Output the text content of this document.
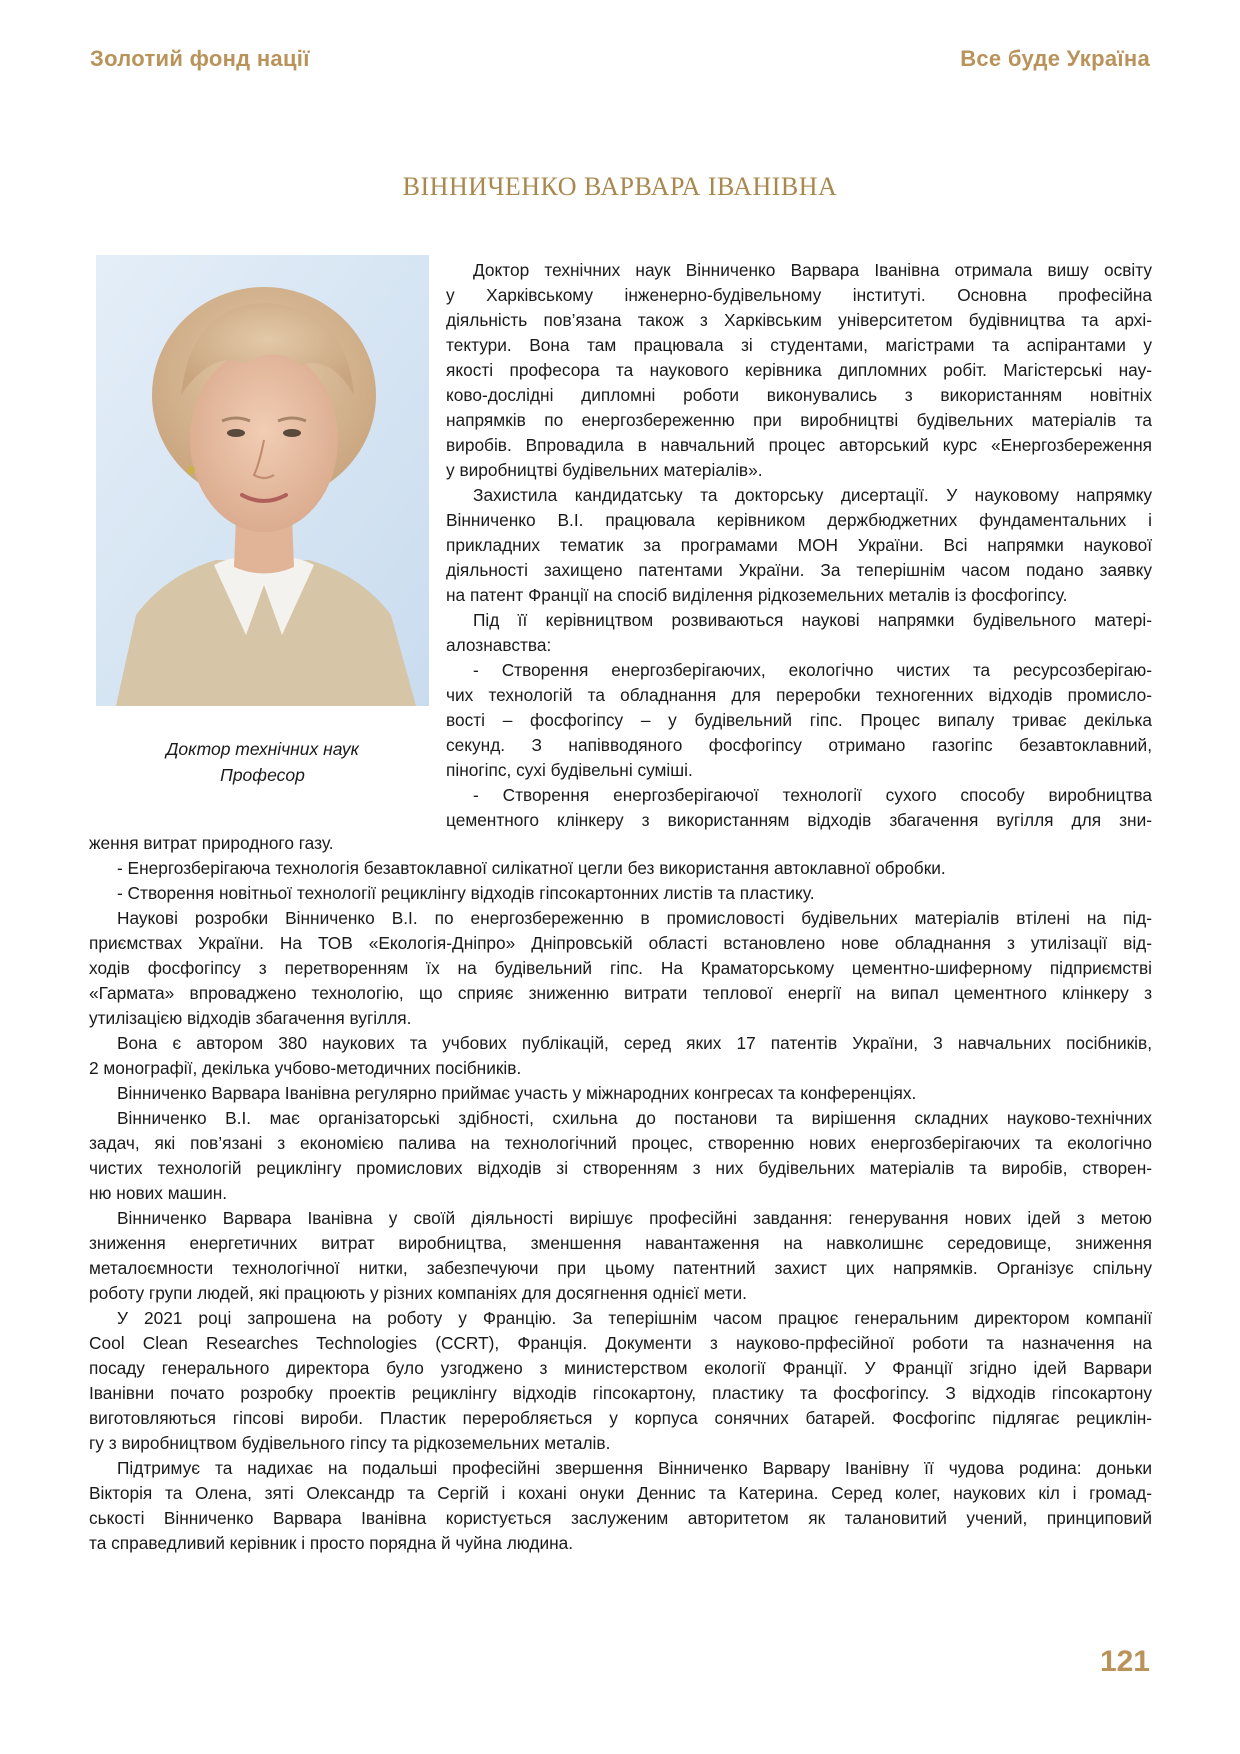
Золотий фонд нації	Все буде Україна
ВІННИЧЕНКО ВАРВАРА ІВАНІВНА
Доктор технічних наук
Професор
Доктор технічних наук Вінниченко Варвара Іванівна отримала вишу освіту
у Харківському інженерно-будівельному інституті. Основна професійна
діяльність пов’язана також з Харківським університетом будівництва та архі-
тектури. Вона там працювала зі студентами, магістрами та аспірантами у
якості професора та наукового керівника дипломних робіт. Магістерські нау-
ково-дослідні дипломні роботи виконувались з використанням новітніх
напрямків по енергозбереженню при виробництві будівельних матеріалів та
виробів. Впровадила в навчальний процес авторський курс «Енергозбереження
у виробництві будівельних матеріалів».
Захистила кандидатську та докторську дисертації. У науковому напрямку
Вінниченко В.І. працювала керівником держбюджетних фундаментальних і
прикладних тематик за програмами МОН України. Всі напрямки наукової
діяльності захищено патентами України. За теперішнім часом подано заявку
на патент Франції на спосіб виділення рідкоземельних металів із фосфогіпсу.
Під її керівництвом розвиваються наукові напрямки будівельного матері-
алознавства:
- Створення енергозберігаючих, екологічно чистих та ресурсозберігаю-
чих технологій та обладнання для переробки техногенних відходів промисло-
вості – фосфогіпсу – у будівельний гіпс. Процес випалу триває декілька
секунд. З напівводяного фосфогіпсу отримано газогіпс безавтоклавний,
піногіпс, сухі будівельні суміші.
- Створення енергозберігаючої технології сухого способу виробництва
цементного клінкеру з використанням відходів збагачення вугілля для зни-
ження витрат природного газу.
- Енергозберігаюча технологія безавтоклавної силікатної цегли без використання автоклавної обробки.
- Створення новітньої технології рециклінгу відходів гіпсокартонних листів та пластику.
Наукові розробки Вінниченко В.І. по енергозбереженню в промисловості будівельних матеріалів втілені на під-
приємствах України. На ТОВ «Екологія-Дніпро» Дніпровській області встановлено нове обладнання з утилізації від-
ходів фосфогіпсу з перетворенням їх на будівельний гіпс. На Краматорському цементно-шиферному підприємстві
«Гармата» впроваджено технологію, що сприяє зниженню витрати теплової енергії на випал цементного клінкеру з
утилізацією відходів збагачення вугілля.
Вона є автором 380 наукових та учбових публікацій, серед яких 17 патентів України, 3 навчальних посібників,
2 монографії, декілька учбово-методичних посібників.
Вінниченко Варвара Іванівна регулярно приймає участь у міжнародних конгресах та конференціях.
Вінниченко В.І. має організаторські здібності, схильна до постанови та вирішення складних науково-технічних
задач, які пов’язані з економією палива на технологічний процес, створенню нових енергозберігаючих та екологічно
чистих технологій рециклінгу промислових відходів зі створенням з них будівельних матеріалів та виробів, створен-
ню нових машин.
Вінниченко Варвара Іванівна у своїй діяльності вирішує професійні завдання: генерування нових ідей з метою
зниження енергетичних витрат виробництва, зменшення навантаження на навколишнє середовище, зниження
металоємности технологічної нитки, забезпечуючи при цьому патентний захист цих напрямків. Організує спільну
роботу групи людей, які працюють у різних компаніях для досягнення однієї мети.
У 2021 році запрошена на роботу у Францію. За теперішнім часом працює генеральним директором компанії
Cool Clean Researches Technologies (CCRT), Франція. Документи з науково-прфесійної роботи та назначення на
посаду генерального директора було узгоджено з министерством екології Франції. У Франції згідно ідей Варвари
Іванівни почато розробку проектів рециклінгу відходів гіпсокартону, пластику та фосфогіпсу. З відходів гіпсокартону
виготовляються гіпсові вироби. Пластик переробляється у корпуса сонячних батарей. Фосфогіпс підлягає рециклін-
гу з виробництвом будівельного гіпсу та рідкоземельних металів.
Підтримує та надихає на подальші професійні звершення Вінниченко Варвару Іванівну її чудова родина: доньки
Вікторія та Олена, зяті Олександр та Сергій і кохані онуки Деннис та Катерина. Серед колег, наукових кіл і громад-
ськості Вінниченко Варвара Іванівна користується заслуженим авторитетом як талановитий учений, принциповий
та справедливий керівник і просто порядна й чуйна людина.
121
